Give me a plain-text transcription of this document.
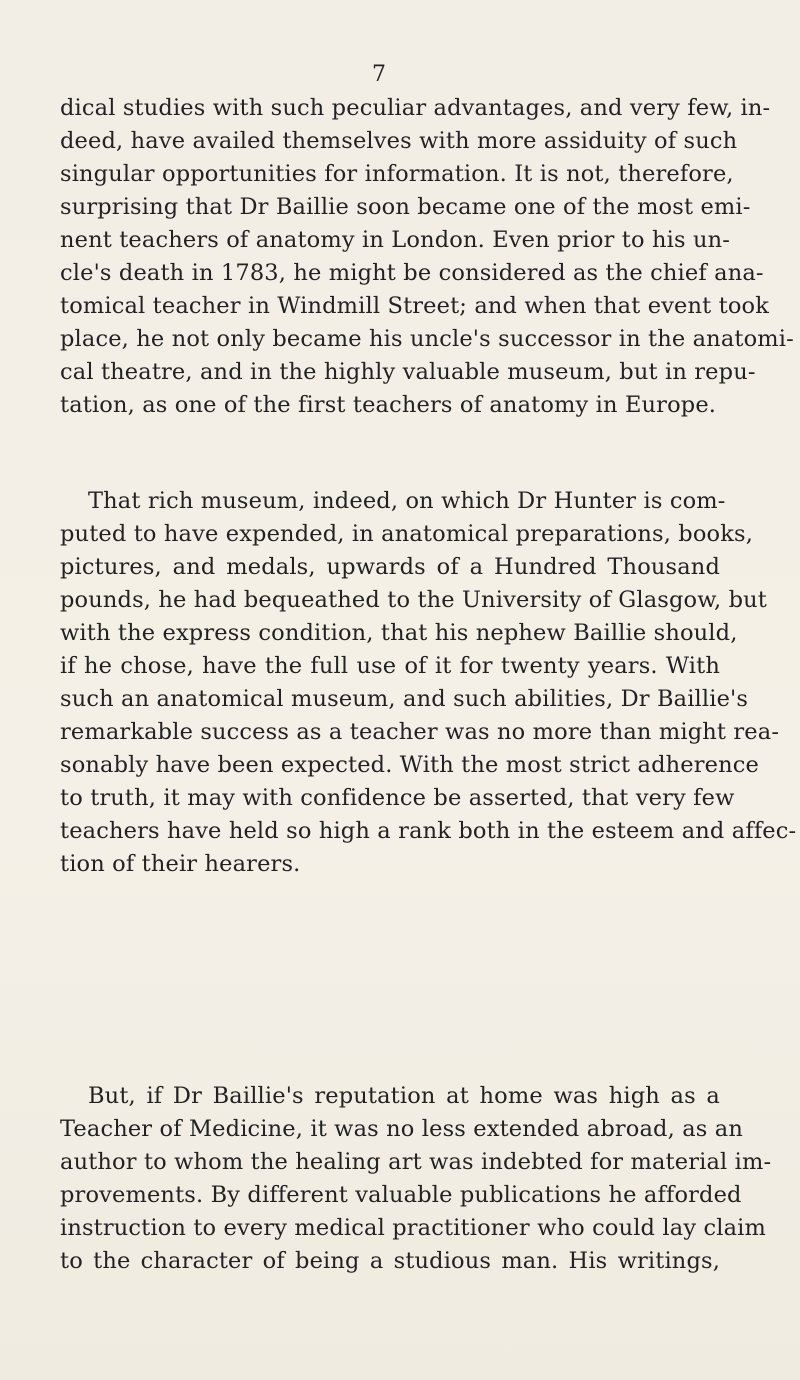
7
dical studies with such peculiar advantages, and very few, in-
deed, have availed themselves with more assiduity of such
singular opportunities for information. It is not, therefore,
surprising that Dr Baillie soon became one of the most emi-
nent teachers of anatomy in London. Even prior to his un-
cle's death in 1783, he might be considered as the chief ana-
tomical teacher in Windmill Street; and when that event took
place, he not only became his uncle's successor in the anatomi-
cal theatre, and in the highly valuable museum, but in repu-
tation, as one of the first teachers of anatomy in Europe.
That rich museum, indeed, on which Dr Hunter is com-
puted to have expended, in anatomical preparations, books,
pictures, and medals, upwards of a Hundred Thousand
pounds, he had bequeathed to the University of Glasgow, but
with the express condition, that his nephew Baillie should,
if he chose, have the full use of it for twenty years. With
such an anatomical museum, and such abilities, Dr Baillie's
remarkable success as a teacher was no more than might rea-
sonably have been expected. With the most strict adherence
to truth, it may with confidence be asserted, that very few
teachers have held so high a rank both in the esteem and affec-
tion of their hearers.
But, if Dr Baillie's reputation at home was high as a
Teacher of Medicine, it was no less extended abroad, as an
author to whom the healing art was indebted for material im-
provements. By different valuable publications he afforded
instruction to every medical practitioner who could lay claim
to the character of being a studious man. His writings,
